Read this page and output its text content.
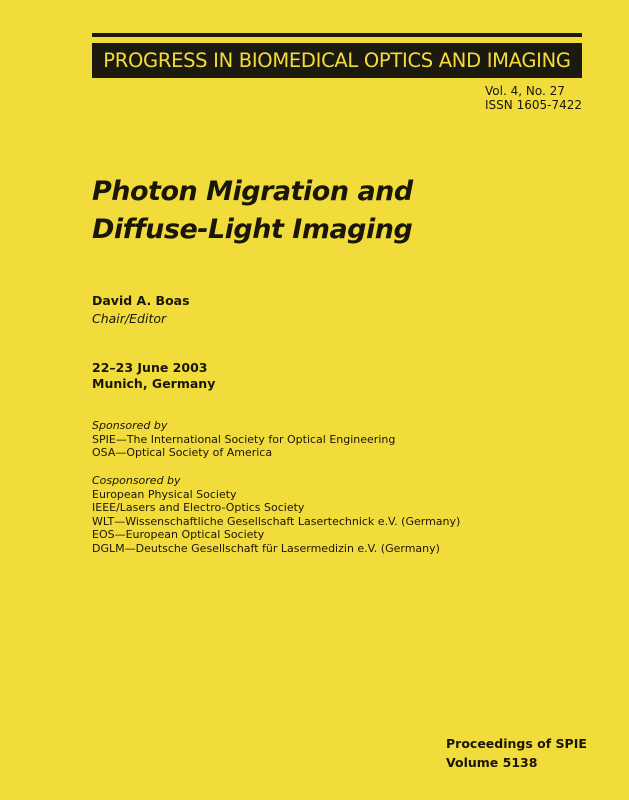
PROGRESS IN BIOMEDICAL OPTICS AND IMAGING
Vol. 4, No. 27
ISSN 1605-7422
Photon Migration and
Diffuse-Light Imaging
David A. Boas
Chair/Editor
22–23 June 2003
Munich, Germany
Sponsored by
SPIE—The International Society for Optical Engineering
OSA—Optical Society of America
Cosponsored by
European Physical Society
IEEE/Lasers and Electro-Optics Society
WLT—Wissenschaftliche Gesellschaft Lasertechnick e.V. (Germany)
EOS—European Optical Society
DGLM—Deutsche Gesellschaft für Lasermedizin e.V. (Germany)
Proceedings of SPIE
Volume 5138
